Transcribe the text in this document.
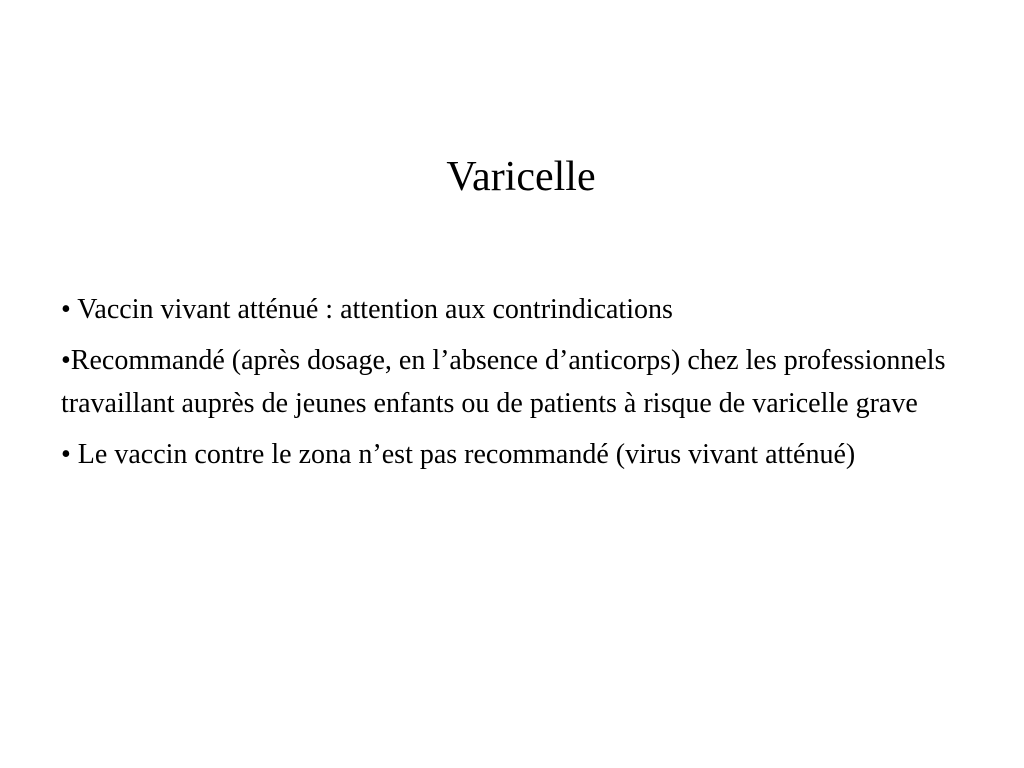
Varicelle

• Vaccin vivant atténué : attention aux contrindications

•Recommandé (après dosage, en l’absence d’anticorps) chez les professionnels travaillant auprès de jeunes enfants ou de patients à risque de varicelle grave

• Le vaccin contre le zona n’est pas recommandé (virus vivant atténué)
